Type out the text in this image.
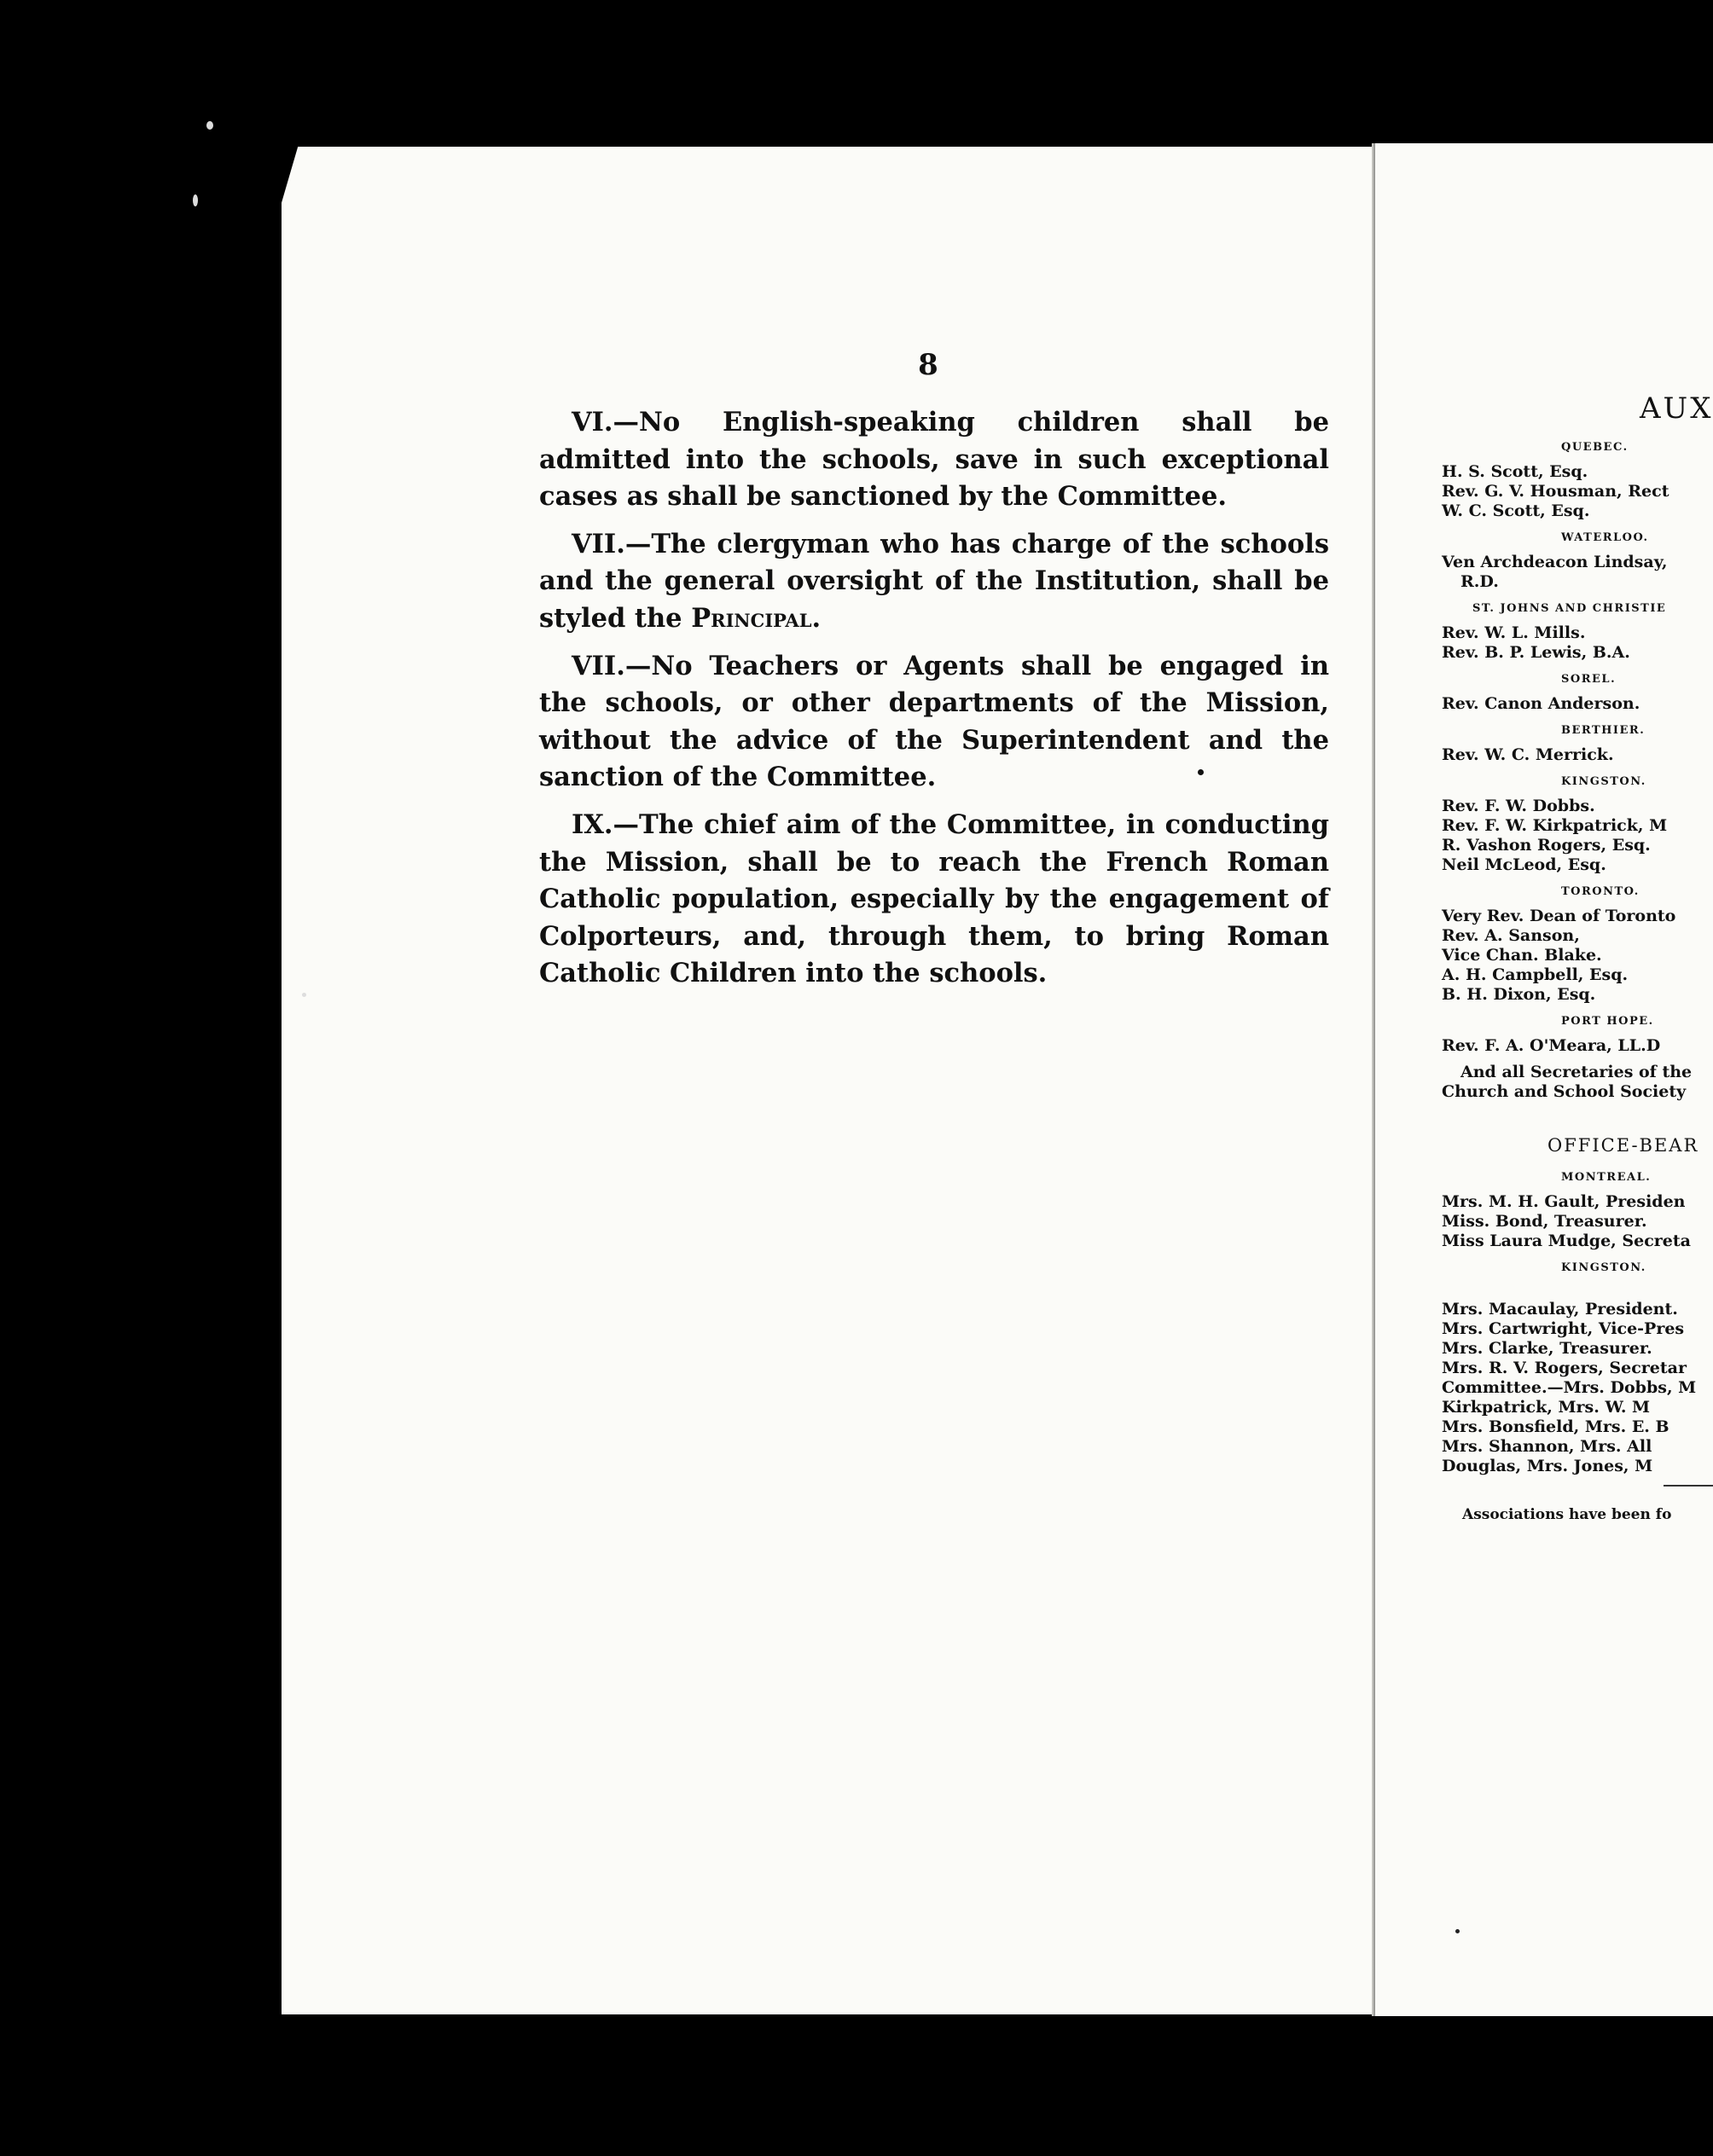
8

VI.—No English-speaking children shall be admitted into the schools, save in such exceptional cases as shall be sanctioned by the Committee.

VII.—The clergyman who has charge of the schools and the general oversight of the Institution, shall be styled the Principal.

VII.—No Teachers or Agents shall be engaged in the schools, or other departments of the Mission, without the advice of the Superintendent and the sanction of the Committee.

IX.—The chief aim of the Committee, in conducting the Mission, shall be to reach the French Roman Catholic population, especially by the engagement of Colporteurs, and, through them, to bring Roman Catholic Children into the schools.

AUX
QUEBEC.
H. S. Scott, Esq.
Rev. G. V. Housman, Rect
W. C. Scott, Esq.
WATERLOO.
Ven Archdeacon Lindsay,
R.D.
ST. JOHNS AND CHRISTIE
Rev. W. L. Mills.
Rev. B. P. Lewis, B.A.
SOREL.
Rev. Canon Anderson.
BERTHIER.
Rev. W. C. Merrick.
KINGSTON.
Rev. F. W. Dobbs.
Rev. F. W. Kirkpatrick, M
R. Vashon Rogers, Esq.
Neil McLeod, Esq.
TORONTO.
Very Rev. Dean of Toronto
Rev. A. Sanson,
Vice Chan. Blake.
A. H. Campbell, Esq.
B. H. Dixon, Esq.
PORT HOPE.
Rev. F. A. O'Meara, LL.D
And all Secretaries of the
Church and School Society
OFFICE-BEAR
MONTREAL.
Mrs. M. H. Gault, Presiden
Miss. Bond, Treasurer.
Miss Laura Mudge, Secreta
KINGSTON.
Mrs. Macaulay, President.
Mrs. Cartwright, Vice-Pres
Mrs. Clarke, Treasurer.
Mrs. R. V. Rogers, Secretar
Committee.—Mrs. Dobbs, M
Kirkpatrick, Mrs. W. M
Mrs. Bonsfield, Mrs. E. B
Mrs. Shannon, Mrs. All
Douglas, Mrs. Jones, M
Associations have been fo
